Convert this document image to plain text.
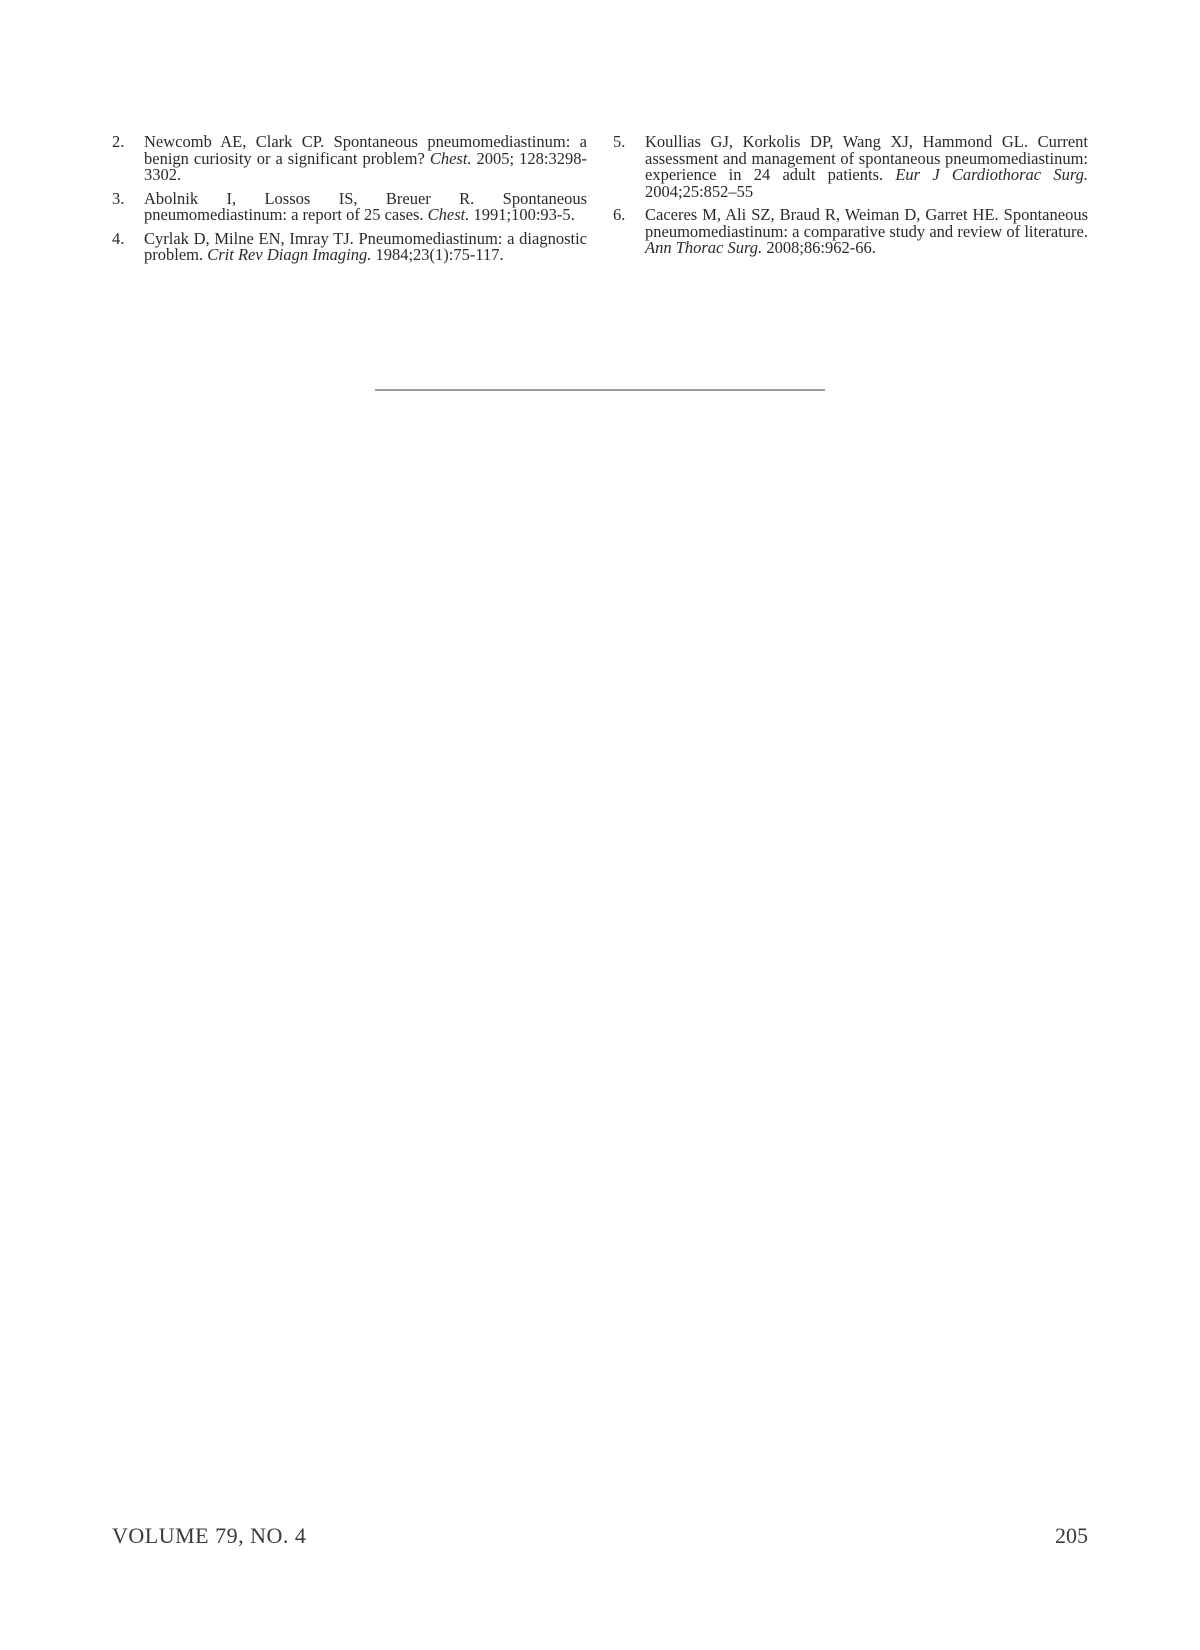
2.	Newcomb AE, Clark CP. Spontaneous pneumomediastinum: a benign curiosity or a significant problem? Chest. 2005; 128:3298-3302.
3.	Abolnik I, Lossos IS, Breuer R. Spontaneous pneumomediastinum: a report of 25 cases. Chest. 1991;100:93-5.
4.	Cyrlak D, Milne EN, Imray TJ. Pneumomediastinum: a diagnostic problem. Crit Rev Diagn Imaging. 1984;23(1):75-117.
5.	Koullias GJ, Korkolis DP, Wang XJ, Hammond GL. Current assessment and management of spontaneous pneumomediastinum: experience in 24 adult patients. Eur J Cardiothorac Surg. 2004;25:852–55
6.	Caceres M, Ali SZ, Braud R, Weiman D, Garret HE. Spontaneous pneumomediastinum: a comparative study and review of literature. Ann Thorac Surg. 2008;86:962-66.
VOLUME 79, NO. 4	205
